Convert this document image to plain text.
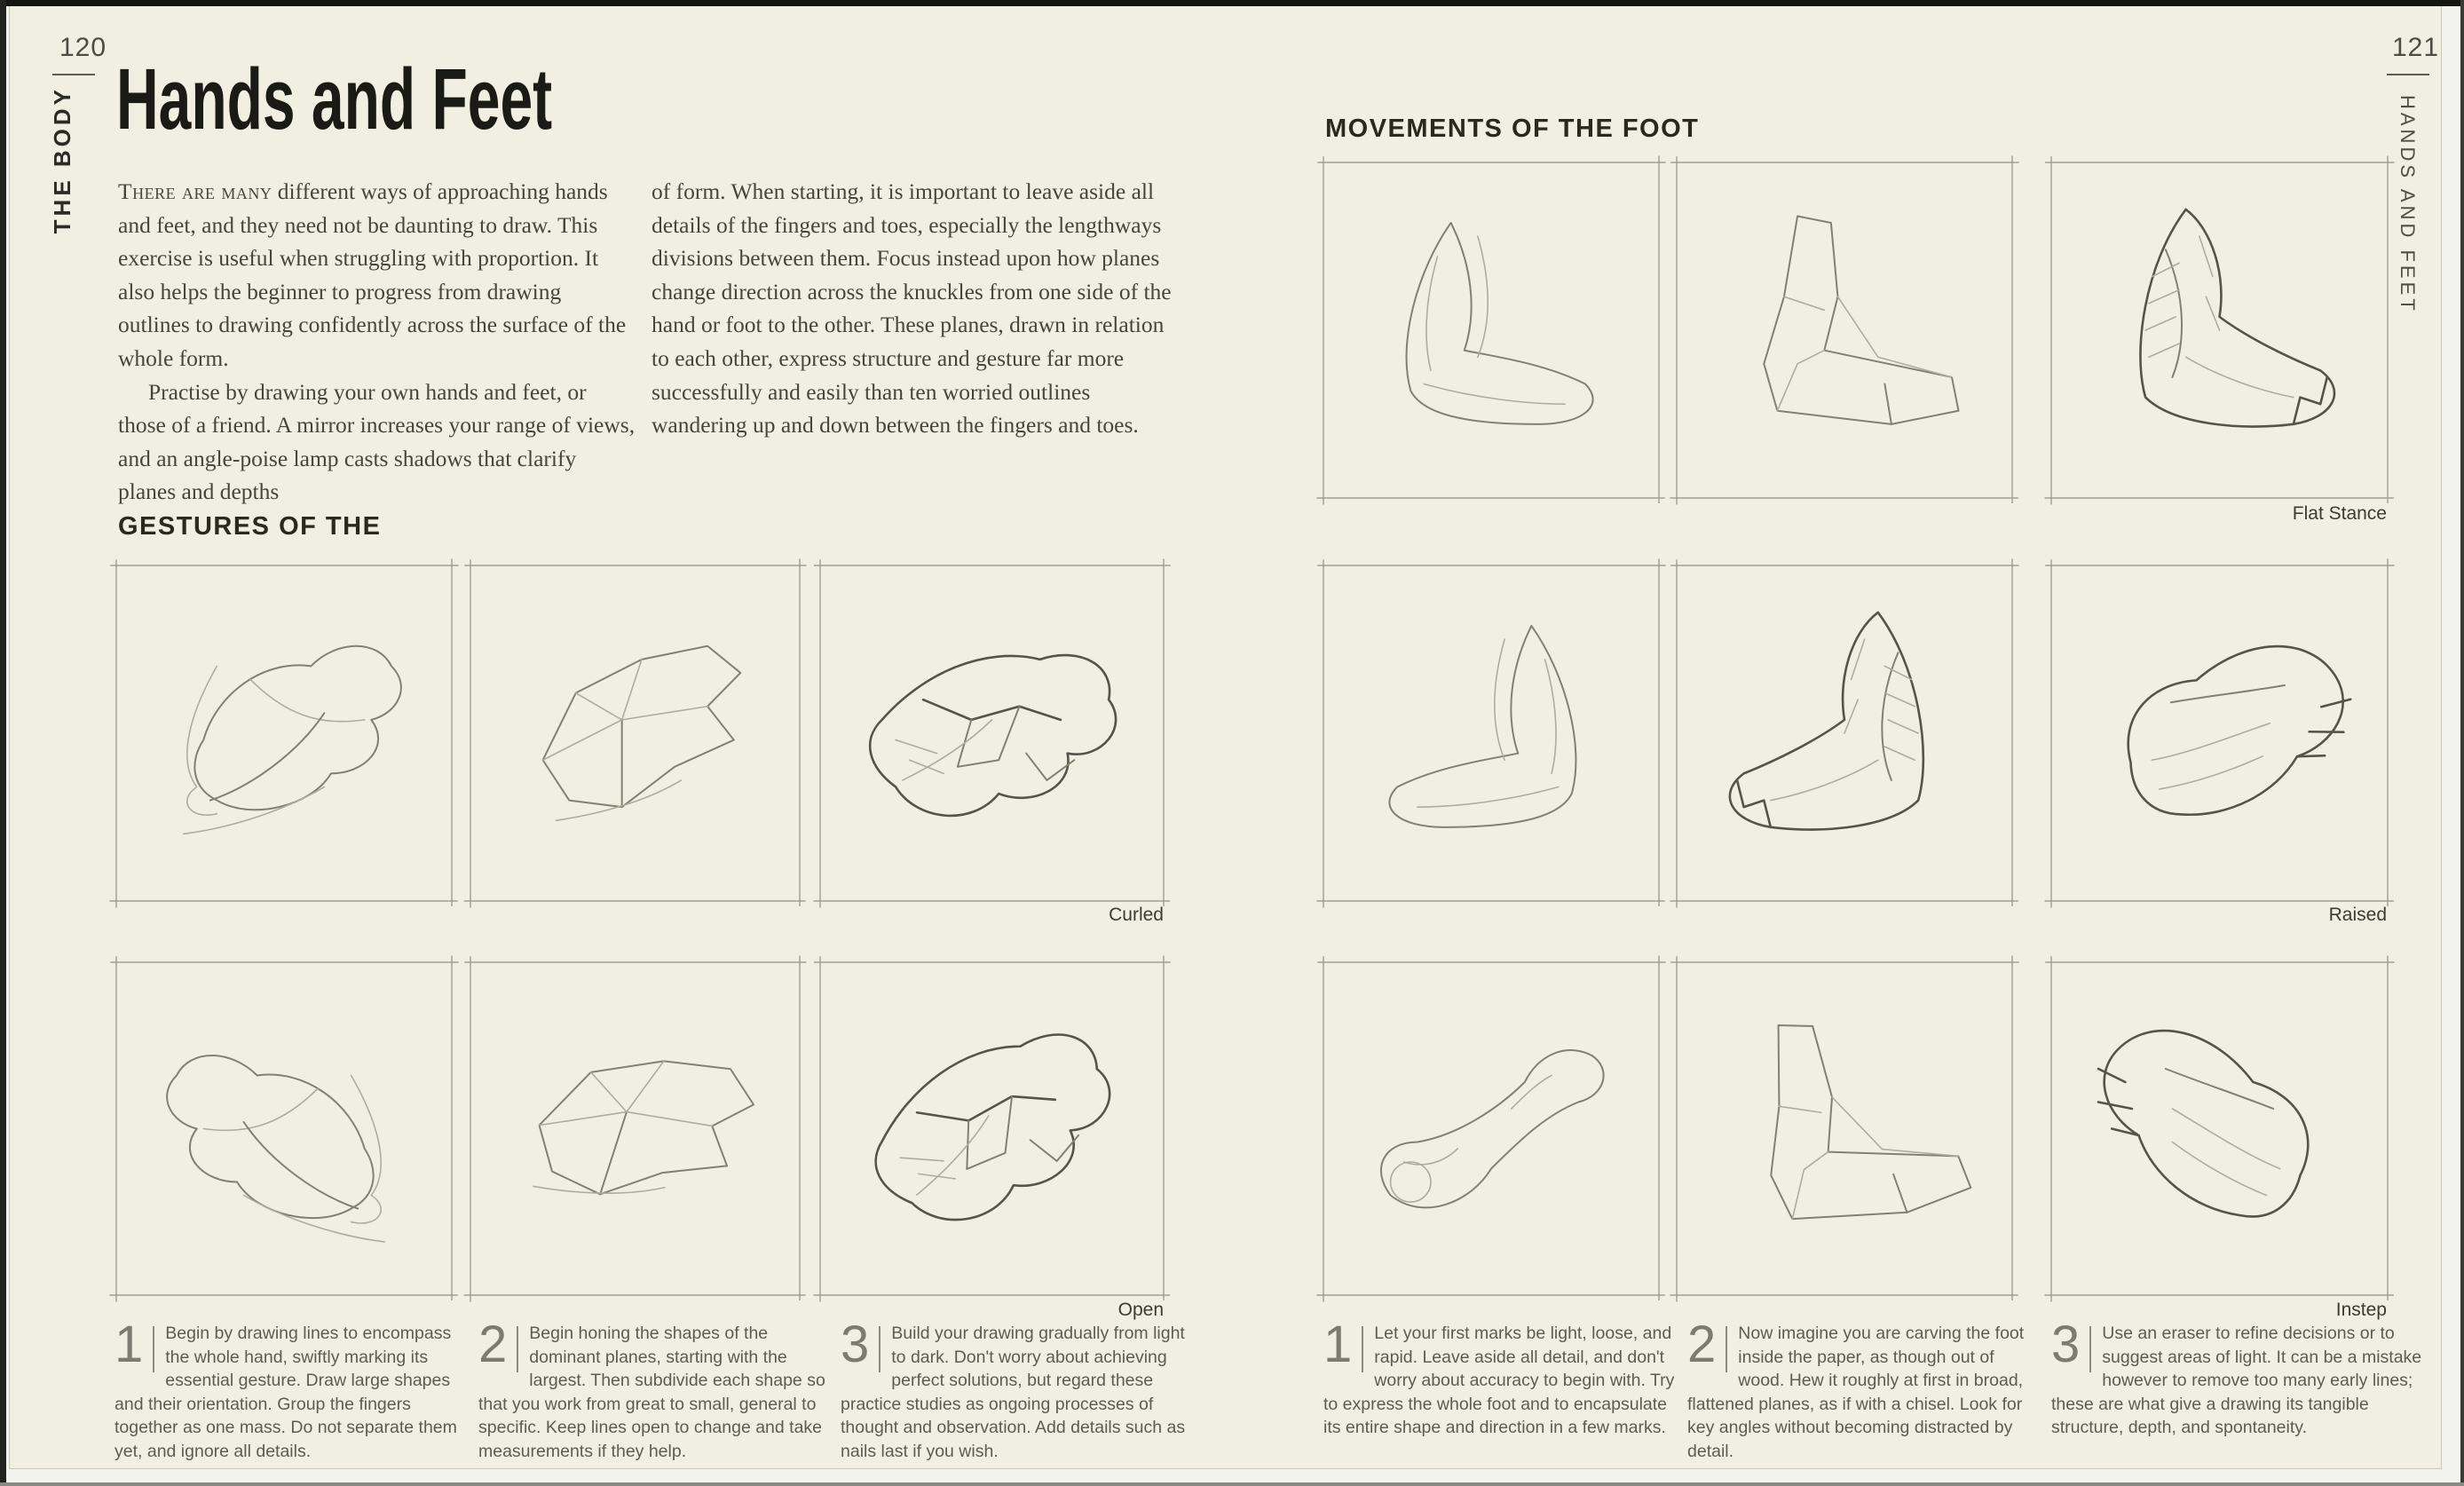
120
THE BODY Hands and Feet

There are many different ways of approaching hands and feet, and they need not be daunting to draw. This exercise is useful when struggling with proportion. It also helps the beginner to progress from drawing outlines to drawing confidently across the surface of the whole form.

Practise by drawing your own hands and feet, or those of a friend. A mirror increases your range of views, and an angle-poise lamp casts shadows that clarify planes and depths

of form. When starting, it is important to leave aside all details of the fingers and toes, especially the lengthways divisions between them. Focus instead upon how planes change direction across the knuckles from one side of the hand or foot to the other. These planes, drawn in relation to each other, express structure and gesture far more successfully and easily than ten worried outlines wandering up and down between the fingers and toes.

GESTURES OF THE
Curled
Open
1	Begin by drawing lines to encompass the whole hand, swiftly marking its essential gesture. Draw large shapes and their orientation. Group the fingers together as one mass. Do not separate them yet, and ignore all details.

2	Begin honing the shapes of the dominant planes, starting with the largest. Then subdivide each shape so that you work from great to small, general to specific. Keep lines open to change and take measurements if they help.

3	Build your drawing gradually from light to dark. Don't worry about achieving perfect solutions, but regard these practice studies as ongoing processes of thought and observation. Add details such as nails last if you wish.

121
HANDS AND FEET
MOVEMENTS OF THE FOOT
Flat Stance
Raised
Instep
1	Let your first marks be light, loose, and rapid. Leave aside all detail, and don't worry about accuracy to begin with. Try to express the whole foot and to encapsulate its entire shape and direction in a few marks.

2	Now imagine you are carving the foot inside the paper, as though out of wood. Hew it roughly at first in broad, flattened planes, as if with a chisel. Look for key angles without becoming distracted by detail.

3	Use an eraser to refine decisions or to suggest areas of light. It can be a mistake however to remove too many early lines; these are what give a drawing its tangible structure, depth, and spontaneity.
